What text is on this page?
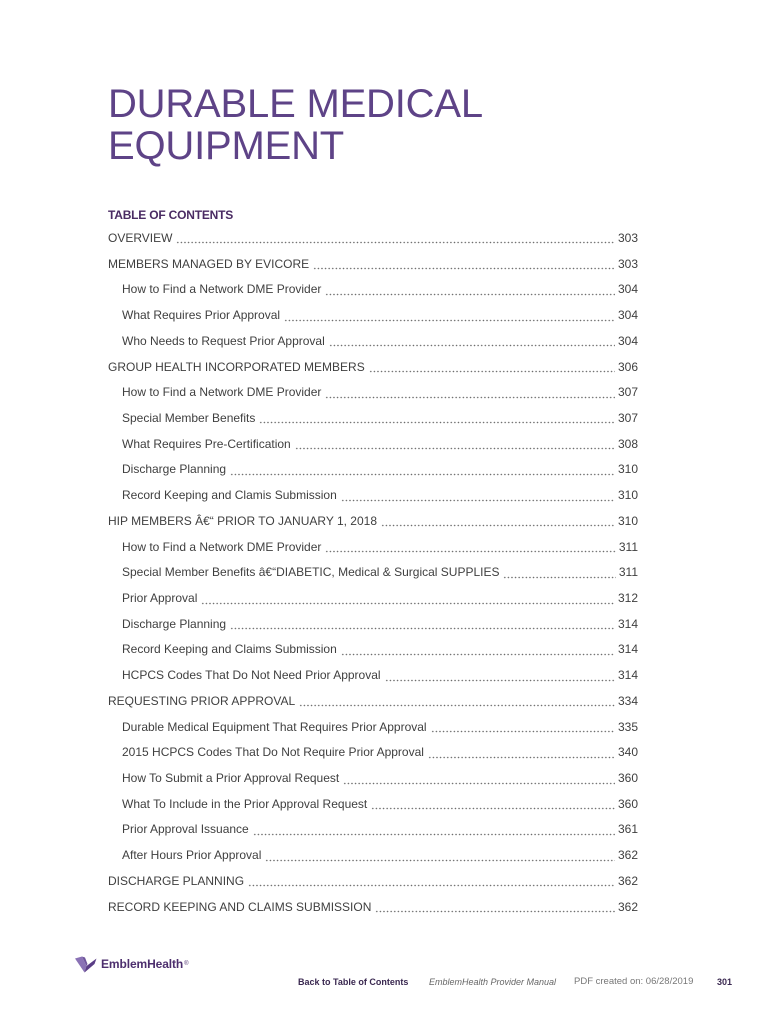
DURABLE MEDICAL
EQUIPMENT
TABLE OF CONTENTS
OVERVIEW	303
MEMBERS MANAGED BY EVICORE	303
How to Find a Network DME Provider	304
What Requires Prior Approval	304
Who Needs to Request Prior Approval	304
GROUP HEALTH INCORPORATED MEMBERS	306
How to Find a Network DME Provider	307
Special Member Benefits	307
What Requires Pre-Certification	308
Discharge Planning	310
Record Keeping and Clamis Submission	310
HIP MEMBERS Â€“ PRIOR TO JANUARY 1, 2018	310
How to Find a Network DME Provider	311
Special Member Benefits â€“DIABETIC, Medical & Surgical SUPPLIES	311
Prior Approval	312
Discharge Planning	314
Record Keeping and Claims Submission	314
HCPCS Codes That Do Not Need Prior Approval	314
REQUESTING PRIOR APPROVAL	334
Durable Medical Equipment That Requires Prior Approval	335
2015 HCPCS Codes That Do Not Require Prior Approval	340
How To Submit a Prior Approval Request	360
What To Include in the Prior Approval Request	360
Prior Approval Issuance	361
After Hours Prior Approval	362
DISCHARGE PLANNING	362
RECORD KEEPING AND CLAIMS SUBMISSION	362
EmblemHealth ®
Back to Table of Contents EmblemHealth Provider Manual PDF created on: 06/28/2019	301
